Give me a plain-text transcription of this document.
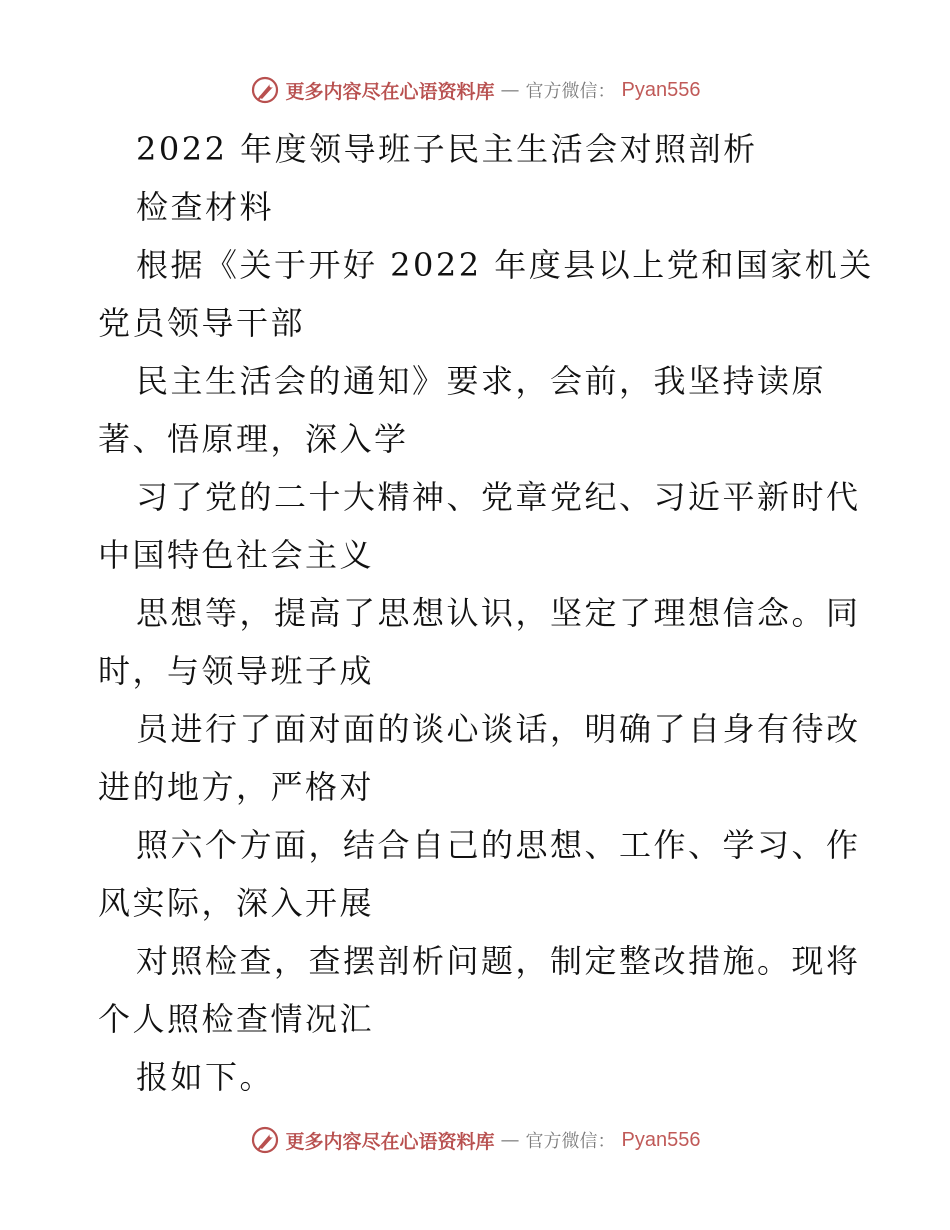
更多内容尽在心语资料库 — 官方微信： Pyan556
2022 年度领导班子民主生活会对照剖析
检查材料
根据《关于开好 2022 年度县以上党和国家机关
党员领导干部
民主生活会的通知》要求，会前，我坚持读原
著、悟原理，深入学
习了党的二十大精神、党章党纪、习近平新时代
中国特色社会主义
思想等，提高了思想认识，坚定了理想信念。同
时，与领导班子成
员进行了面对面的谈心谈话，明确了自身有待改
进的地方，严格对
照六个方面，结合自己的思想、工作、学习、作
风实际，深入开展
对照检查，查摆剖析问题，制定整改措施。现将
个人照检查情况汇
报如下。
更多内容尽在心语资料库 — 官方微信： Pyan556
